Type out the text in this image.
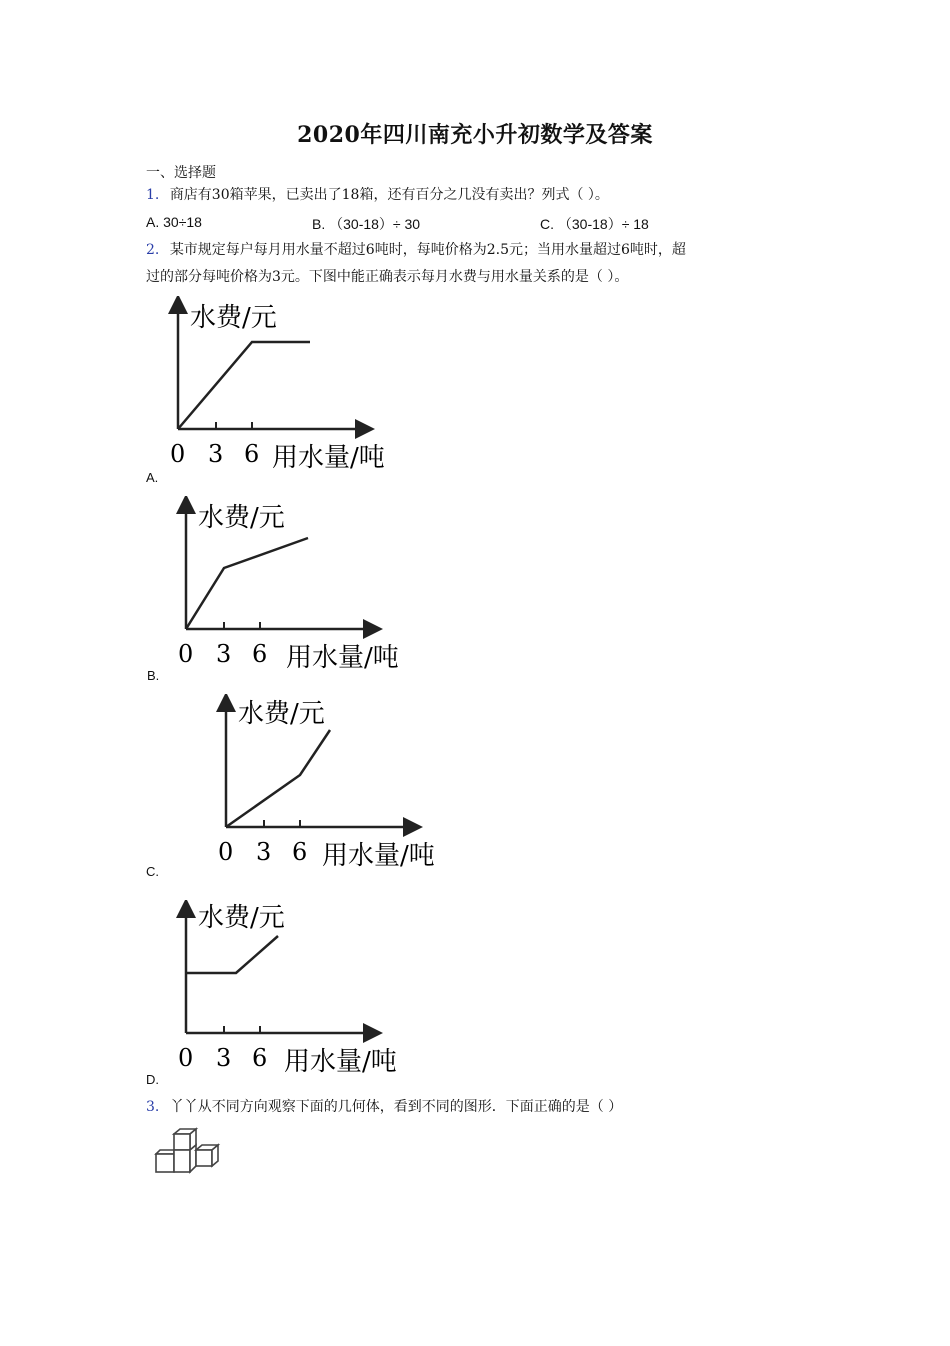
2020年四川南充小升初数学及答案
一、选择题
1. 商店有30箱苹果，已卖出了18箱，还有百分之几没有卖出？列式（ ）。
A. 30÷18	B. （30-18）÷ 30	C. （30-18）÷ 18
2. 某市规定每户每月用水量不超过6吨时，每吨价格为2.5元；当用水量超过6吨时，超
过的部分每吨价格为3元。下图中能正确表示每月水费与用水量关系的是（ ）。
水费/元
0 3 6 用水量/吨
A.
水费/元
0 3 6 用水量/吨
B.
水费/元
0 3 6 用水量/吨
C.
水费/元
0 3 6 用水量/吨
D.
3. 丫丫从不同方向观察下面的几何体，看到不同的图形．下面正确的是（ ）
